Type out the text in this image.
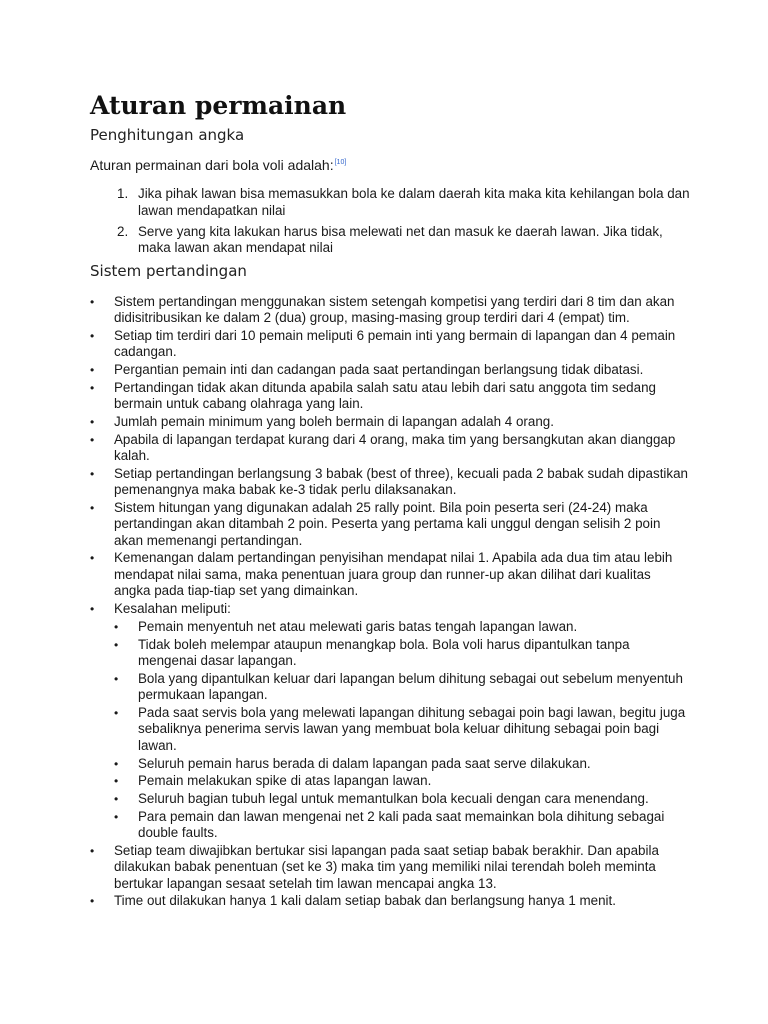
Aturan permainan

Penghitungan angka

Aturan permainan dari bola voli adalah:[10]

1. Jika pihak lawan bisa memasukkan bola ke dalam daerah kita maka kita kehilangan bola dan lawan mendapatkan nilai
2. Serve yang kita lakukan harus bisa melewati net dan masuk ke daerah lawan. Jika tidak, maka lawan akan mendapat nilai

Sistem pertandingan

• Sistem pertandingan menggunakan sistem setengah kompetisi yang terdiri dari 8 tim dan akan didisitribusikan ke dalam 2 (dua) group, masing-masing group terdiri dari 4 (empat) tim.
• Setiap tim terdiri dari 10 pemain meliputi 6 pemain inti yang bermain di lapangan dan 4 pemain cadangan.
• Pergantian pemain inti dan cadangan pada saat pertandingan berlangsung tidak dibatasi.
• Pertandingan tidak akan ditunda apabila salah satu atau lebih dari satu anggota tim sedang bermain untuk cabang olahraga yang lain.
• Jumlah pemain minimum yang boleh bermain di lapangan adalah 4 orang.
• Apabila di lapangan terdapat kurang dari 4 orang, maka tim yang bersangkutan akan dianggap kalah.
• Setiap pertandingan berlangsung 3 babak (best of three), kecuali pada 2 babak sudah dipastikan pemenangnya maka babak ke-3 tidak perlu dilaksanakan.
• Sistem hitungan yang digunakan adalah 25 rally point. Bila poin peserta seri (24-24) maka pertandingan akan ditambah 2 poin. Peserta yang pertama kali unggul dengan selisih 2 poin akan memenangi pertandingan.
• Kemenangan dalam pertandingan penyisihan mendapat nilai 1. Apabila ada dua tim atau lebih mendapat nilai sama, maka penentuan juara group dan runner-up akan dilihat dari kualitas angka pada tiap-tiap set yang dimainkan.
• Kesalahan meliputi:
• Pemain menyentuh net atau melewati garis batas tengah lapangan lawan.
• Tidak boleh melempar ataupun menangkap bola. Bola voli harus dipantulkan tanpa mengenai dasar lapangan.
• Bola yang dipantulkan keluar dari lapangan belum dihitung sebagai out sebelum menyentuh permukaan lapangan.
• Pada saat servis bola yang melewati lapangan dihitung sebagai poin bagi lawan, begitu juga sebaliknya penerima servis lawan yang membuat bola keluar dihitung sebagai poin bagi lawan.
• Seluruh pemain harus berada di dalam lapangan pada saat serve dilakukan.
• Pemain melakukan spike di atas lapangan lawan.
• Seluruh bagian tubuh legal untuk memantulkan bola kecuali dengan cara menendang.
• Para pemain dan lawan mengenai net 2 kali pada saat memainkan bola dihitung sebagai double faults.
• Setiap team diwajibkan bertukar sisi lapangan pada saat setiap babak berakhir. Dan apabila dilakukan babak penentuan (set ke 3) maka tim yang memiliki nilai terendah boleh meminta bertukar lapangan sesaat setelah tim lawan mencapai angka 13.
• Time out dilakukan hanya 1 kali dalam setiap babak dan berlangsung hanya 1 menit.
